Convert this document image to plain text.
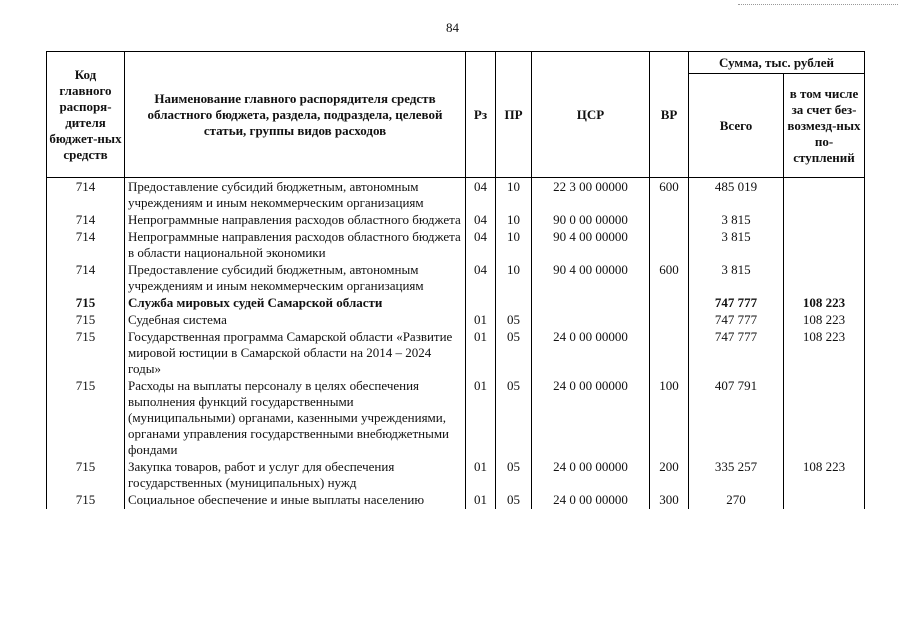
84
Код главного распоря-дителя бюджет-ных средств	Наименование главного распорядителя средств областного бюджета, раздела, подраздела, целевой статьи, группы видов расходов	Рз	ПР	ЦСР	ВР	Сумма, тыс. рублей	
						Всего	в том числе за счет без-возмезд-ных по-ступлений
714	Предоставление субсидий бюджетным, автономным учреждениям и иным некоммерческим организациям	04	10	22 3 00 00000	600	485 019	
714	Непрограммные направления расходов областного бюджета	04	10	90 0 00 00000		3 815	
714	Непрограммные направления расходов областного бюджета в области национальной экономики	04	10	90 4 00 00000		3 815	
714	Предоставление субсидий бюджетным, автономным учреждениям и иным некоммерческим организациям	04	10	90 4 00 00000	600	3 815	
715	Служба мировых судей Самарской области					747 777	108 223
715	Судебная система	01	05			747 777	108 223
715	Государственная программа Самарской области «Развитие мировой юстиции в Самарской области на 2014 – 2024 годы»	01	05	24 0 00 00000		747 777	108 223
715	Расходы на выплаты персоналу в целях обеспечения выполнения функций государственными (муниципальными) органами, казенными учреждениями, органами управления государственными внебюджетными фондами	01	05	24 0 00 00000	100	407 791	
715	Закупка товаров, работ и услуг для обеспечения государственных (муниципальных) нужд	01	05	24 0 00 00000	200	335 257	108 223
715	Социальное обеспечение и иные выплаты населению	01	05	24 0 00 00000	300	270	
